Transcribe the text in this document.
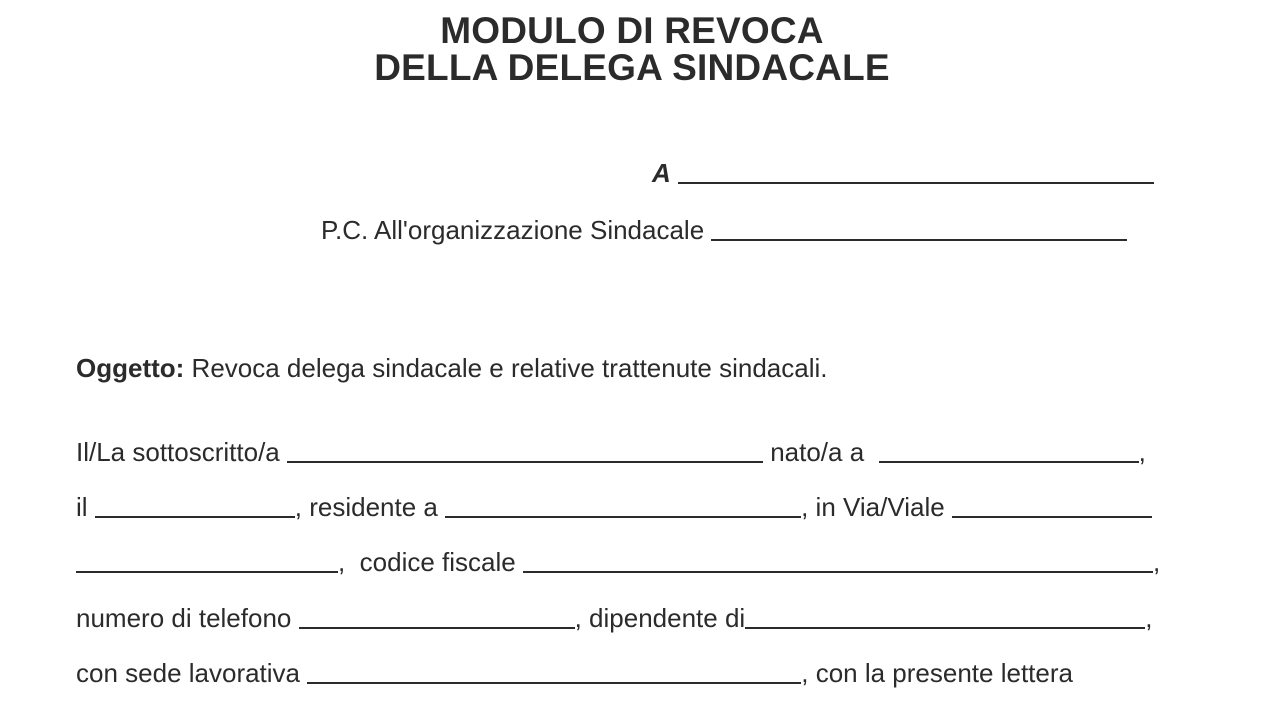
MODULO DI REVOCA
DELLA DELEGA SINDACALE
A

P.C. All'organizzazione Sindacale

Oggetto: Revoca delega sindacale e relative trattenute sindacali.
Il/La sottoscritto/a	nato/a a	,
il	, residente a	, in Via/Viale
,  codice fiscale	,
numero di telefono	, dipendente di	,
con sede lavorativa	, con la presente lettera
